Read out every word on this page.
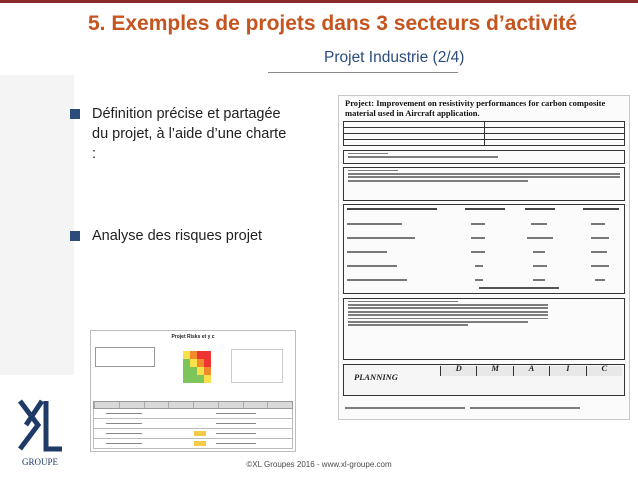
5. Exemples de projets dans 3 secteurs d’activité
Projet Industrie (2/4)
Définition précise et partagée du projet, à l’aide d’une charte :
Analyse des risques projet
Project: Improvement on resistivity performances for carbon composite material used in Aircraft application.
PLANNING
D	M	A	I	C

Projet Risks et y c
GROUPE	©XL Groupes 2016 - www.xl-groupe.com
